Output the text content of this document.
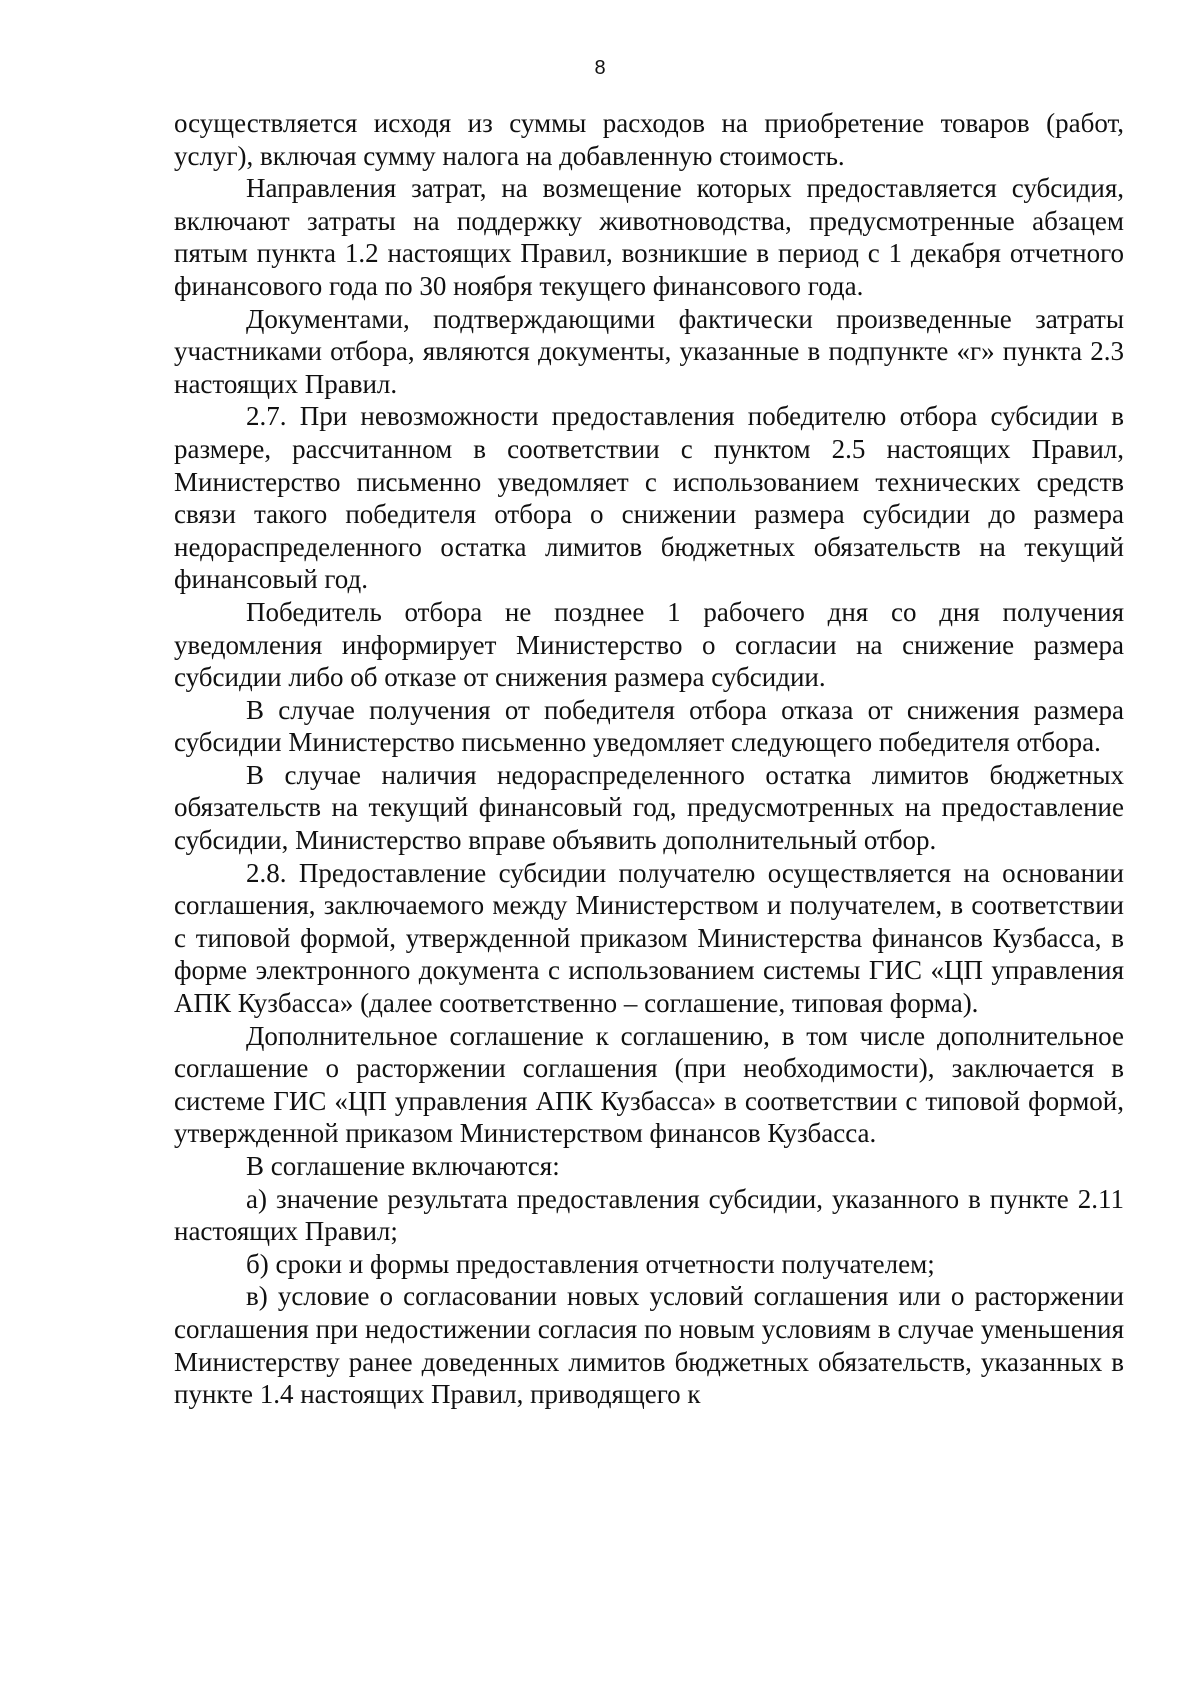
8

осуществляется исходя из суммы расходов на приобретение товаров (работ, услуг), включая сумму налога на добавленную стоимость.

Направления затрат, на возмещение которых предоставляется субсидия, включают затраты на поддержку животноводства, предусмотренные абзацем пятым пункта 1.2 настоящих Правил, возникшие в период с 1 декабря отчетного финансового года по 30 ноября текущего финансового года.

Документами, подтверждающими фактически произведенные затраты участниками отбора, являются документы, указанные в подпункте «г» пункта 2.3 настоящих Правил.

2.7. При невозможности предоставления победителю отбора субсидии в размере, рассчитанном в соответствии с пунктом 2.5 настоящих Правил, Министерство письменно уведомляет с использованием технических средств связи такого победителя отбора о снижении размера субсидии до размера недораспределенного остатка лимитов бюджетных обязательств на текущий финансовый год.

Победитель отбора не позднее 1 рабочего дня со дня получения уведомления информирует Министерство о согласии на снижение размера субсидии либо об отказе от снижения размера субсидии.

В случае получения от победителя отбора отказа от снижения размера субсидии Министерство письменно уведомляет следующего победителя отбора.

В случае наличия недораспределенного остатка лимитов бюджетных обязательств на текущий финансовый год, предусмотренных на предоставление субсидии, Министерство вправе объявить дополнительный отбор.

2.8. Предоставление субсидии получателю осуществляется на основании соглашения, заключаемого между Министерством и получателем, в соответствии с типовой формой, утвержденной приказом Министерства финансов Кузбасса, в форме электронного документа с использованием системы ГИС «ЦП управления АПК Кузбасса» (далее соответственно – соглашение, типовая форма).

Дополнительное соглашение к соглашению, в том числе дополнительное соглашение о расторжении соглашения (при необходимости), заключается в системе ГИС «ЦП управления АПК Кузбасса» в соответствии с типовой формой, утвержденной приказом Министерством финансов Кузбасса.

В соглашение включаются:

а) значение результата предоставления субсидии, указанного в пункте 2.11 настоящих Правил;

б) сроки и формы предоставления отчетности получателем;

в) условие о согласовании новых условий соглашения или о расторжении соглашения при недостижении согласия по новым условиям в случае уменьшения Министерству ранее доведенных лимитов бюджетных обязательств, указанных в пункте 1.4 настоящих Правил, приводящего к
